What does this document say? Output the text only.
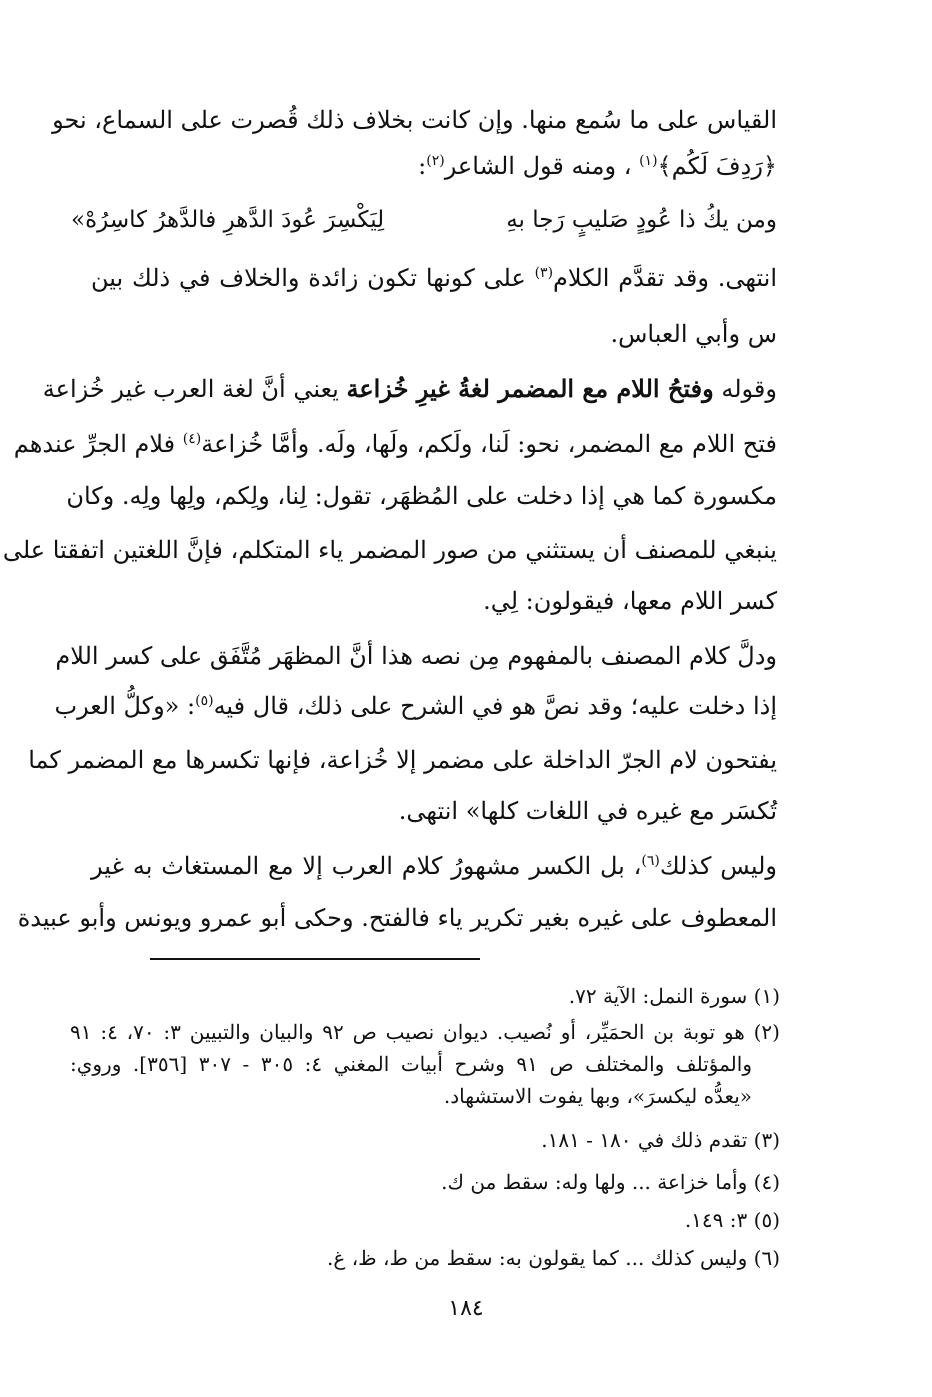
القياس على ما سُمع منها. وإن كانت بخلاف ذلك قُصرت على السماع، نحو
﴿رَدِفَ لَكُم﴾$^{(١)}$ ، ومنه قول الشاعر$^{(٢)}$:
ومن يكُ ذا عُودٍ صَليبٍ رَجا بهِ
لِيَكْسِرَ عُودَ الدَّهرِ فالدَّهرُ كاسِرُهْ»
انتهى. وقد تقدَّم الكلام$^{(٣)}$ على كونها تكون زائدة والخلاف في ذلك بين
س وأبي العباس.
وقوله وفتحُ اللام مع المضمر لغةُ غيرِ خُزاعة يعني أنَّ لغة العرب غير خُزاعة
فتح اللام مع المضمر، نحو: لَنا، ولَكم، ولَها، ولَه. وأمَّا خُزاعة$^{(٤)}$ فلام الجرِّ عندهم
مكسورة كما هي إذا دخلت على المُظهَر، تقول: لِنا، ولِكم، ولِها ولِه. وكان
ينبغي للمصنف أن يستثني من صور المضمر ياء المتكلم، فإنَّ اللغتين اتفقتا على
كسر اللام معها، فيقولون: لِي.
ودلَّ كلام المصنف بالمفهوم مِن نصه هذا أنَّ المظهَر مُتَّفَق على كسر اللام
إذا دخلت عليه؛ وقد نصَّ هو في الشرح على ذلك، قال فيه$^{(٥)}$: «وكلُّ العرب
يفتحون لام الجرّ الداخلة على مضمر إلا خُزاعة، فإنها تكسرها مع المضمر كما
تُكسَر مع غيره في اللغات كلها» انتهى.
وليس كذلك$^{(٦)}$، بل الكسر مشهورُ كلام العرب إلا مع المستغاث به غير
المعطوف على غيره بغير تكرير ياء فالفتح. وحكى أبو عمرو ويونس وأبو عبيدة
(١) سورة النمل: الآية ٧٢.
(٢) هو توبة بن الحمَيِّر، أو نُصيب. ديوان نصيب ص ٩٢ والبيان والتبيين ٣: ٧٠، ٤: ٩١
والمؤتلف والمختلف ص ٩١ وشرح أبيات المغني ٤: ٣٠٥ - ٣٠٧ [٣٥٦]. وروي:
«يعدُّه ليكسرَ»، وبها يفوت الاستشهاد.
(٣) تقدم ذلك في ١٨٠ - ١٨١.
(٤) وأما خزاعة ... ولها وله: سقط من ك.
(٥) ٣: ١٤٩.
(٦) وليس كذلك ... كما يقولون به: سقط من ط، ظ، غ.
١٨٤
